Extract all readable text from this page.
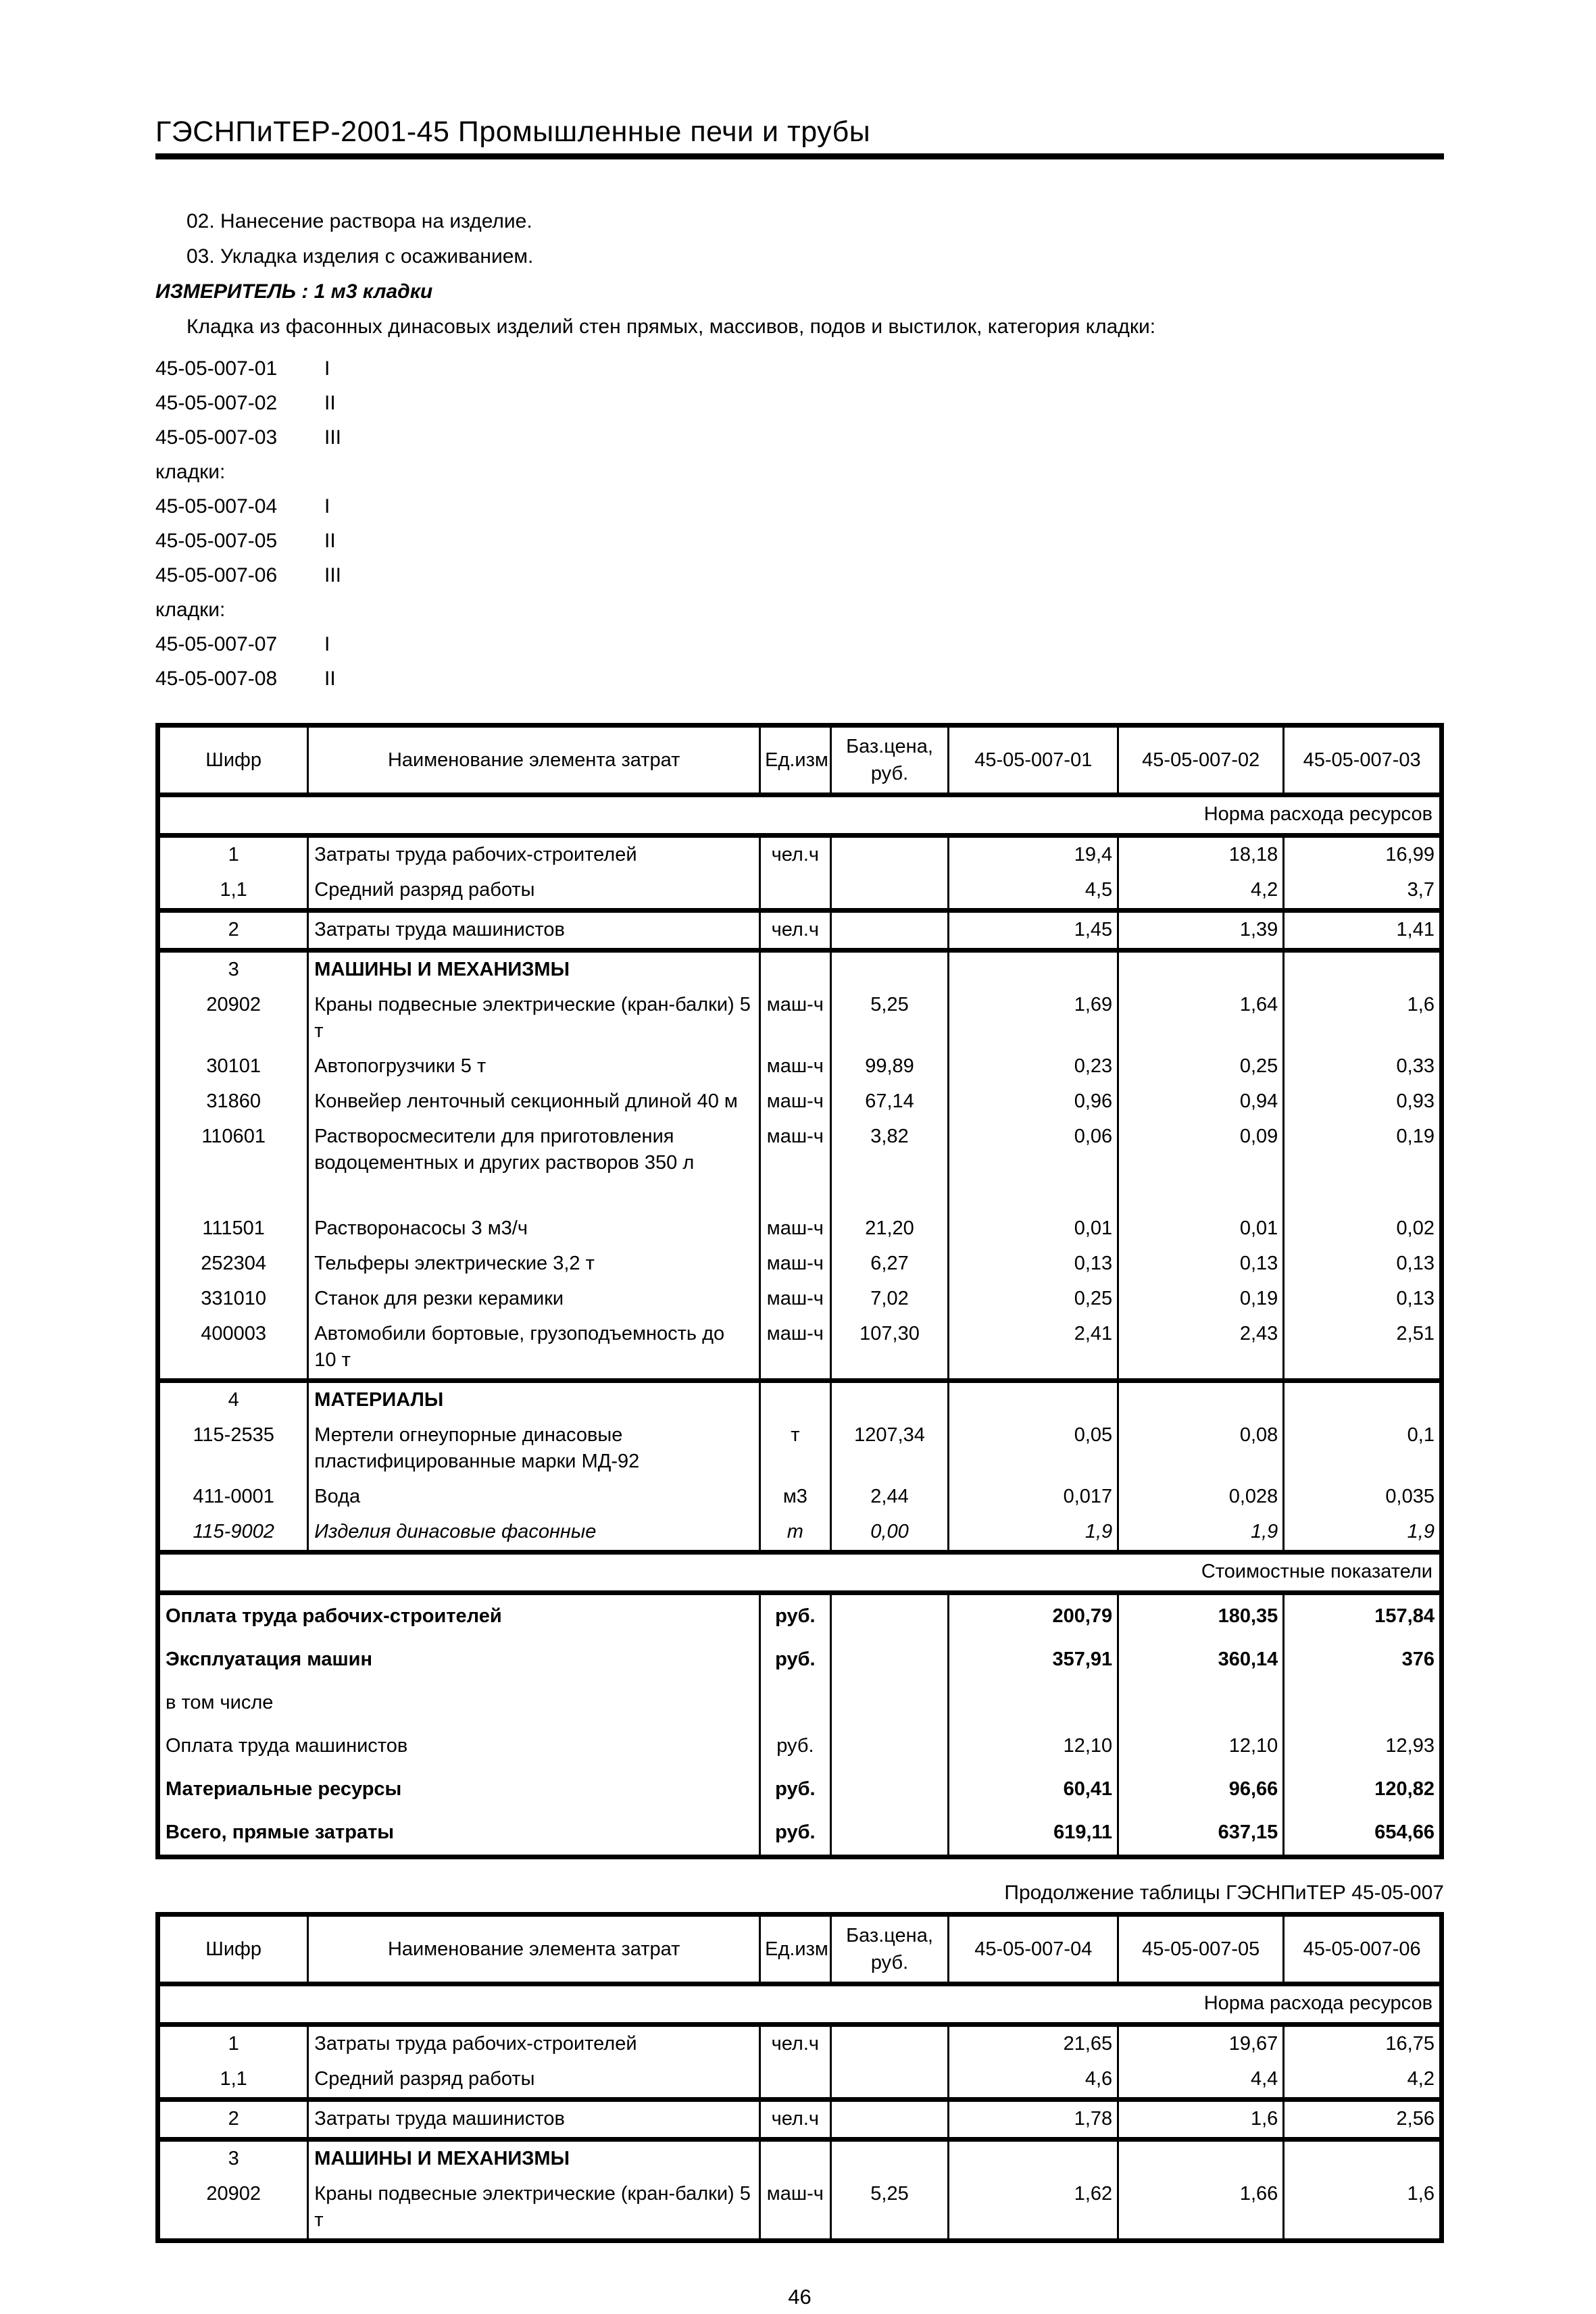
ГЭСНПиТЕР-2001-45 Промышленные печи и трубы

02. Нанесение раствора на изделие.

03. Укладка изделия с осаживанием.

ИЗМЕРИТЕЛЬ : 1 м3 кладки

Кладка из фасонных динасовых изделий стен прямых, массивов, подов и выстилок, категория кладки:

45-05-007-01 I
45-05-007-02 II
45-05-007-03 III
кладки:
45-05-007-04 I
45-05-007-05 II
45-05-007-06 III
кладки:
45-05-007-07 I
45-05-007-08 II
Шифр	Наименование элемента затрат	Ед.изм	Баз.цена, руб.	45-05-007-01	45-05-007-02	45-05-007-03
Норма расхода ресурсов						
1	Затраты труда рабочих-строителей	чел.ч		19,4	18,18	16,99
1,1	Средний разряд работы			4,5	4,2	3,7
2	Затраты труда машинистов	чел.ч		1,45	1,39	1,41
3	МАШИНЫ И МЕХАНИЗМЫ					
20902	Краны подвесные электрические (кран-балки) 5 т	маш-ч	5,25	1,69	1,64	1,6
30101	Автопогрузчики 5 т	маш-ч	99,89	0,23	0,25	0,33
31860	Конвейер ленточный секционный длиной 40 м	маш-ч	67,14	0,96	0,94	0,93
110601	Растворосмесители для приготовления водоцементных и других растворов 350 л	маш-ч	3,82	0,06	0,09	0,19
111501	Растворонасосы 3 м3/ч	маш-ч	21,20	0,01	0,01	0,02
252304	Тельферы электрические 3,2 т	маш-ч	6,27	0,13	0,13	0,13
331010	Станок для резки керамики	маш-ч	7,02	0,25	0,19	0,13
400003	Автомобили бортовые, грузоподъемность до 10 т	маш-ч	107,30	2,41	2,43	2,51
4	МАТЕРИАЛЫ					
115-2535	Мертели огнеупорные динасовые пластифицированные марки МД-92	т	1207,34	0,05	0,08	0,1
411-0001	Вода	м3	2,44	0,017	0,028	0,035
115-9002	Изделия динасовые фасонные	m	0,00	1,9	1,9	1,9
Стоимостные показатели						
Оплата труда рабочих-строителей		руб.		200,79	180,35	157,84
Эксплуатация машин		руб.		357,91	360,14	376
в том числе						
Оплата труда машинистов		руб.		12,10	12,10	12,93
Материальные ресурсы		руб.		60,41	96,66	120,82
Всего, прямые затраты		руб.		619,11	637,15	654,66
Продолжение таблицы ГЭСНПиТЕР 45-05-007
Шифр	Наименование элемента затрат	Ед.изм	Баз.цена, руб.	45-05-007-04	45-05-007-05	45-05-007-06
Норма расхода ресурсов						
1	Затраты труда рабочих-строителей	чел.ч		21,65	19,67	16,75
1,1	Средний разряд работы			4,6	4,4	4,2
2	Затраты труда машинистов	чел.ч		1,78	1,6	2,56
3	МАШИНЫ И МЕХАНИЗМЫ					
20902	Краны подвесные электрические (кран-балки) 5 т	маш-ч	5,25	1,62	1,66	1,6
46
